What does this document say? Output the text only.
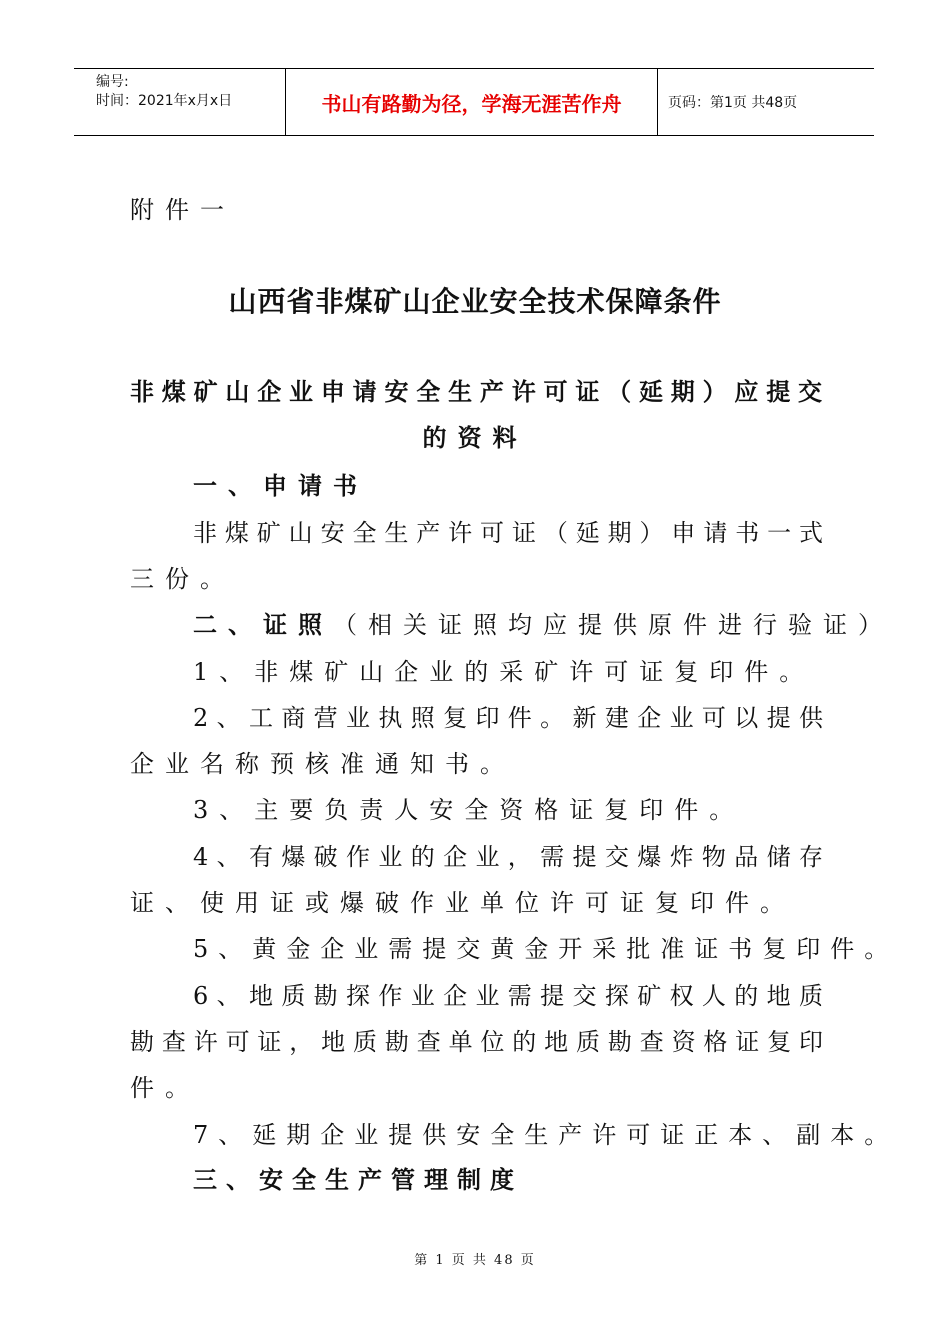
编号:
时间：2021年x月x日	书山有路勤为径，学海无涯苦作舟	页码：第1页 共48页
附件一
山西省非煤矿山企业安全技术保障条件
非煤矿山企业申请安全生产许可证（延期）应提交
的资料
一、申请书
非煤矿山安全生产许可证（延期）申请书一式
三份。
二、证照（相关证照均应提供原件进行验证）
1、非煤矿山企业的采矿许可证复印件。
2、工商营业执照复印件。新建企业可以提供
企业名称预核准通知书。
3、主要负责人安全资格证复印件。
4、有爆破作业的企业，需提交爆炸物品储存
证、使用证或爆破作业单位许可证复印件。
5、黄金企业需提交黄金开采批准证书复印件。
6、地质勘探作业企业需提交探矿权人的地质
勘查许可证，地质勘查单位的地质勘查资格证复印
件。
7、延期企业提供安全生产许可证正本、副本。
三、安全生产管理制度
第 1 页 共 48 页
